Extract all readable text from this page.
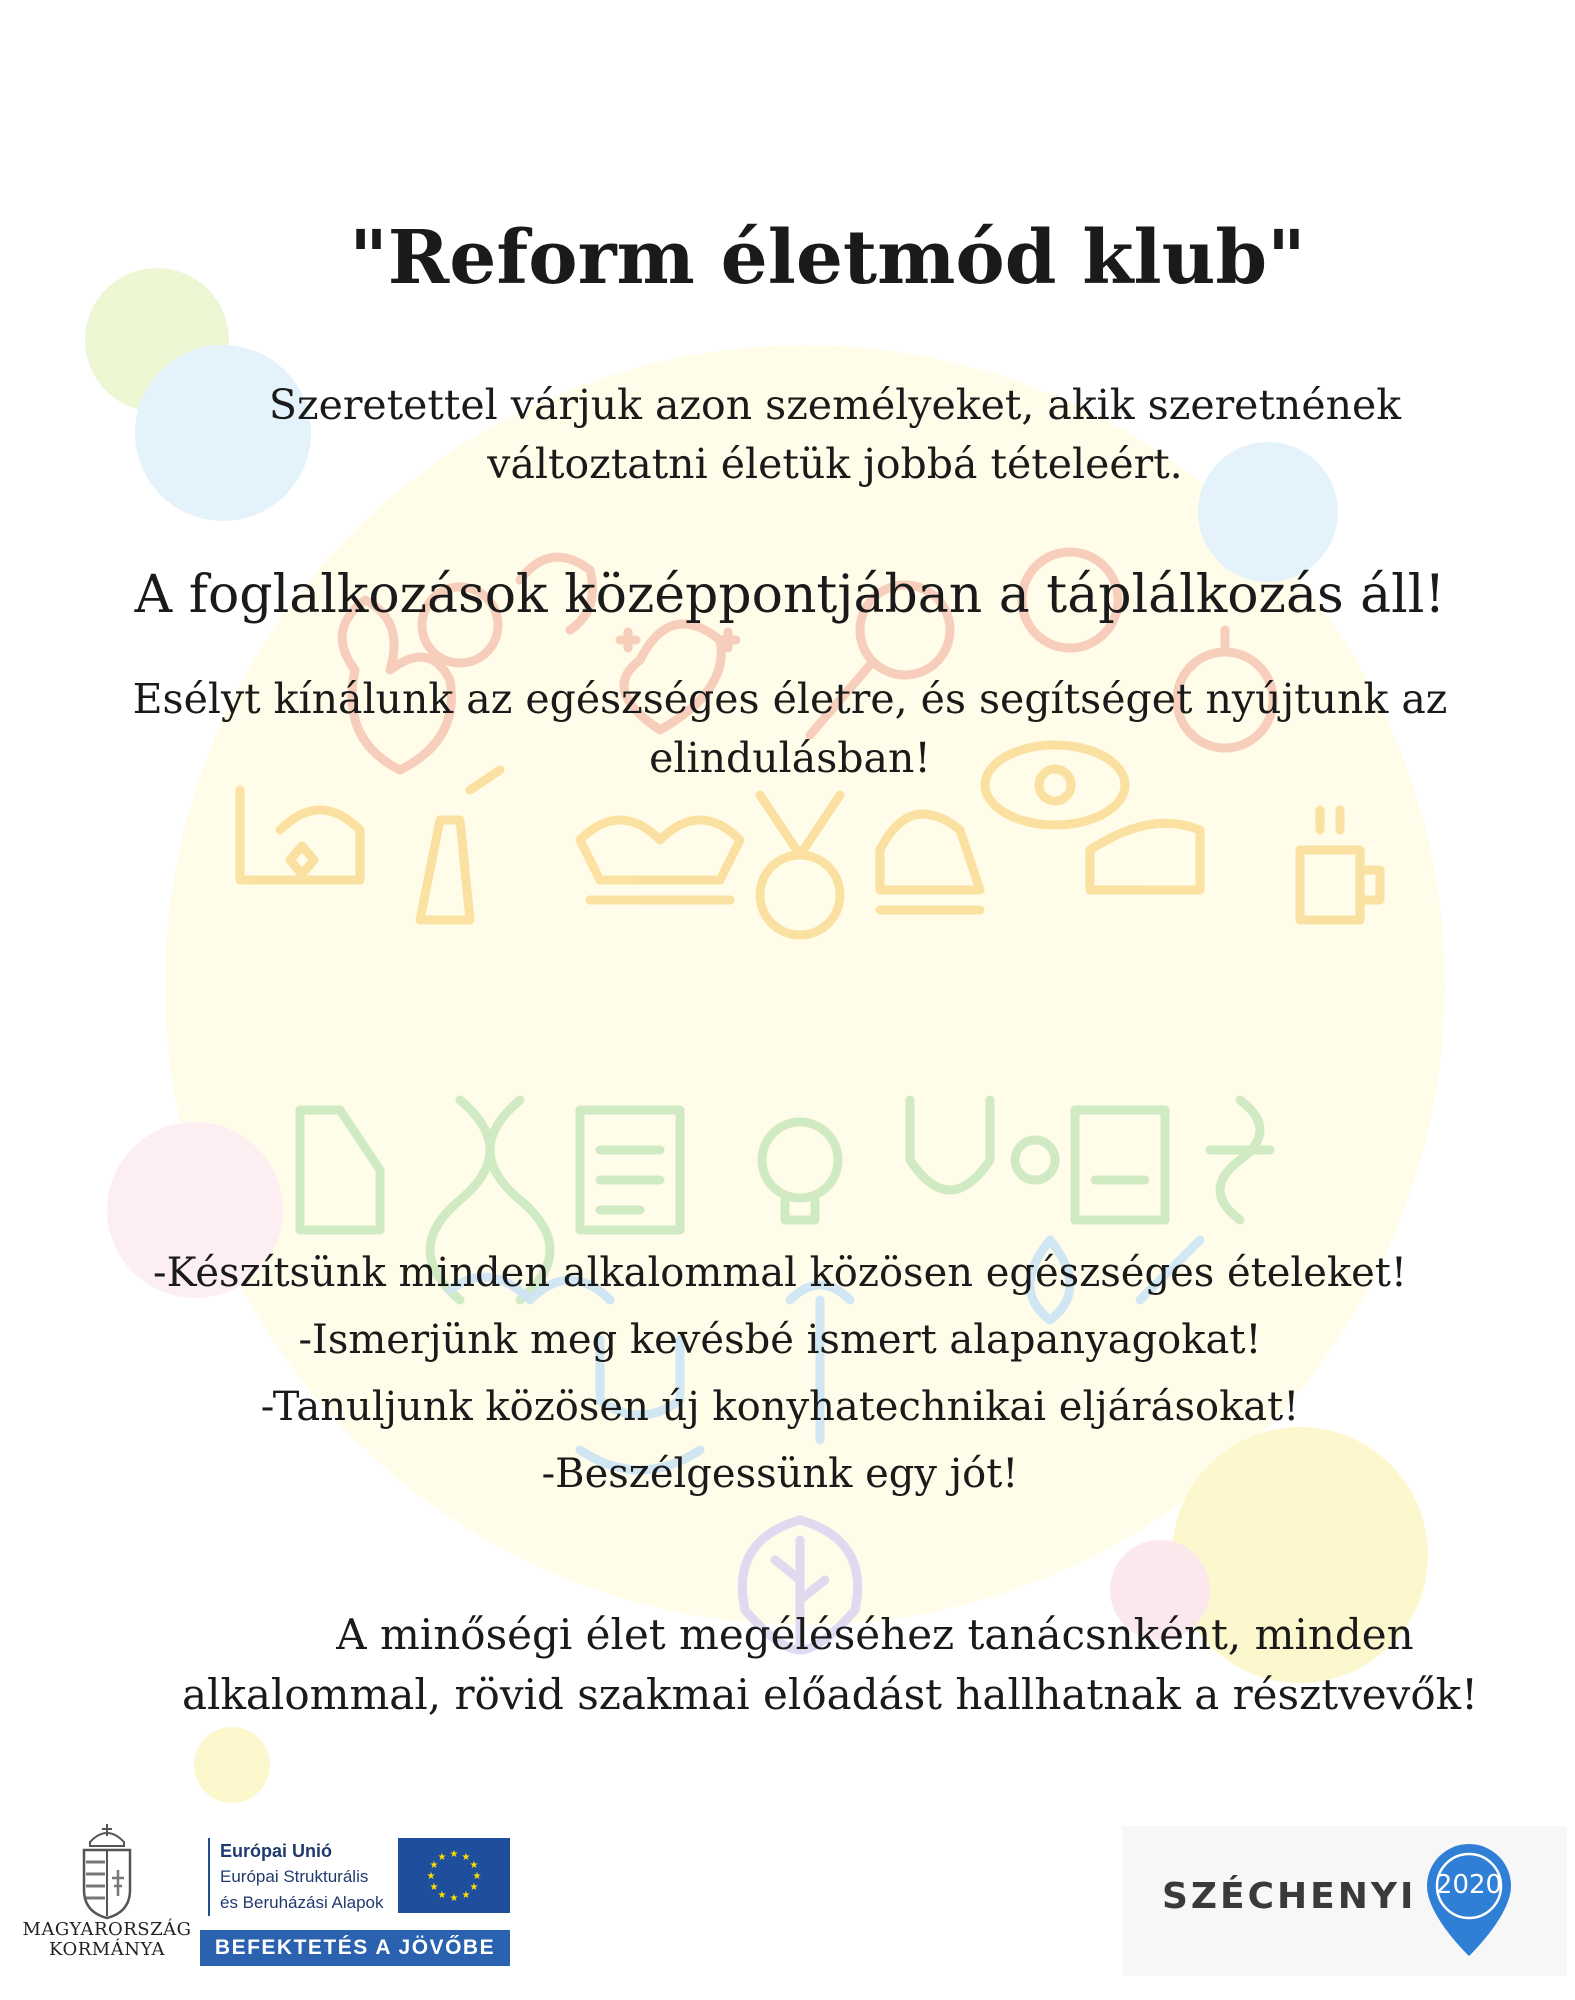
"Reform életmód klub"
Szeretettel várjuk azon személyeket, akik szeretnének
változtatni életük jobbá tételeért.
A foglalkozások középpontjában a táplálkozás áll!
Esélyt kínálunk az egészséges életre, és segítséget nyújtunk az
elindulásban!
-Készítsünk minden alkalommal közösen egészséges ételeket!
-Ismerjünk meg kevésbé ismert alapanyagokat!
-Tanuljunk közösen új konyhatechnikai eljárásokat!
-Beszélgessünk egy jót!
A minőségi élet megéléséhez tanácsnként, minden
alkalommal, rövid szakmai előadást hallhatnak a résztvevők!
MAGYARORSZÁG
KORMÁNYA
Európai Unió
Európai Strukturális
és Beruházási Alapok
★ ★
★
★
★
★
★
★
★
★
★
★
BEFEKTETÉS A JÖVŐBE
SZÉCHENYI 2020
